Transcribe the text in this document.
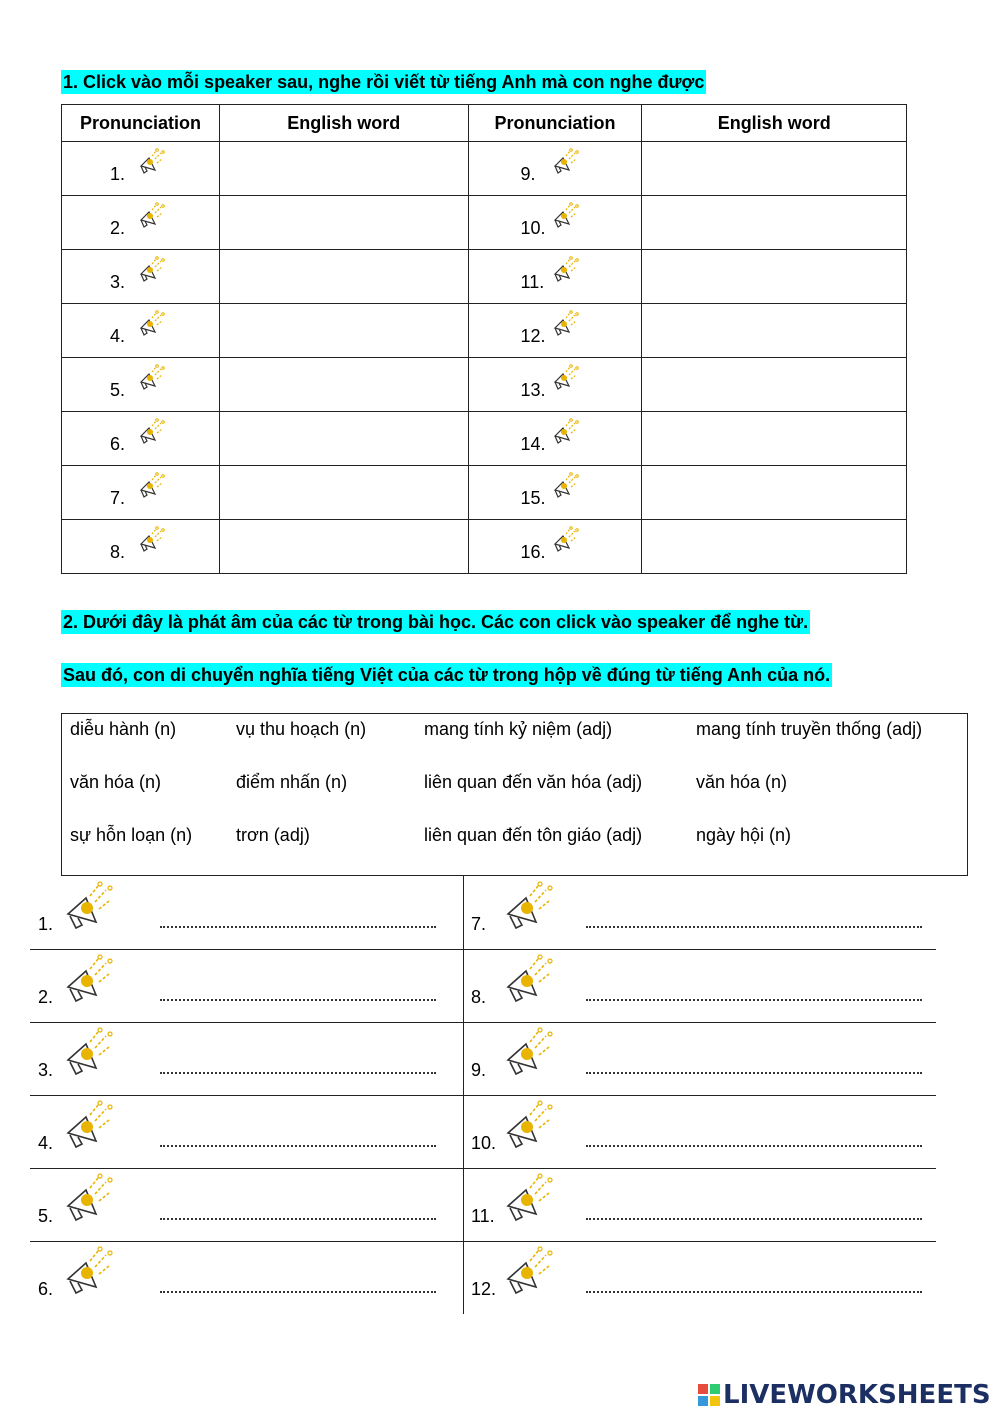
1. Click vào mỗi speaker sau, nghe rồi viết từ tiếng Anh mà con nghe được
Pronunciation	English word	Pronunciation	English word

1.		9.	

2.		10.	

3.		11.	

4.		12.	

5.		13.	

6.		14.	

7.		15.	

8.		16.	

2. Dưới đây là phát âm của các từ trong bài học. Các con click vào speaker để nghe từ.
Sau đó, con di chuyển nghĩa tiếng Việt của các từ trong hộp về đúng từ tiếng Anh của nó.
diễu hành (n)	vụ thu hoạch (n)	mang tính kỷ niệm (adj)	mang tính truyền thống (adj)
văn hóa (n)	điểm nhấn (n)	liên quan đến văn hóa (adj)	văn hóa (n)
sự hỗn loạn (n) trơn (adj)	liên quan đến tôn giáo (adj)	ngày hội (n)
1.	7.
2.	8.
3.	9.
4.	10.
5.	11.
6.	12.
LIVEWORKSHEETS
